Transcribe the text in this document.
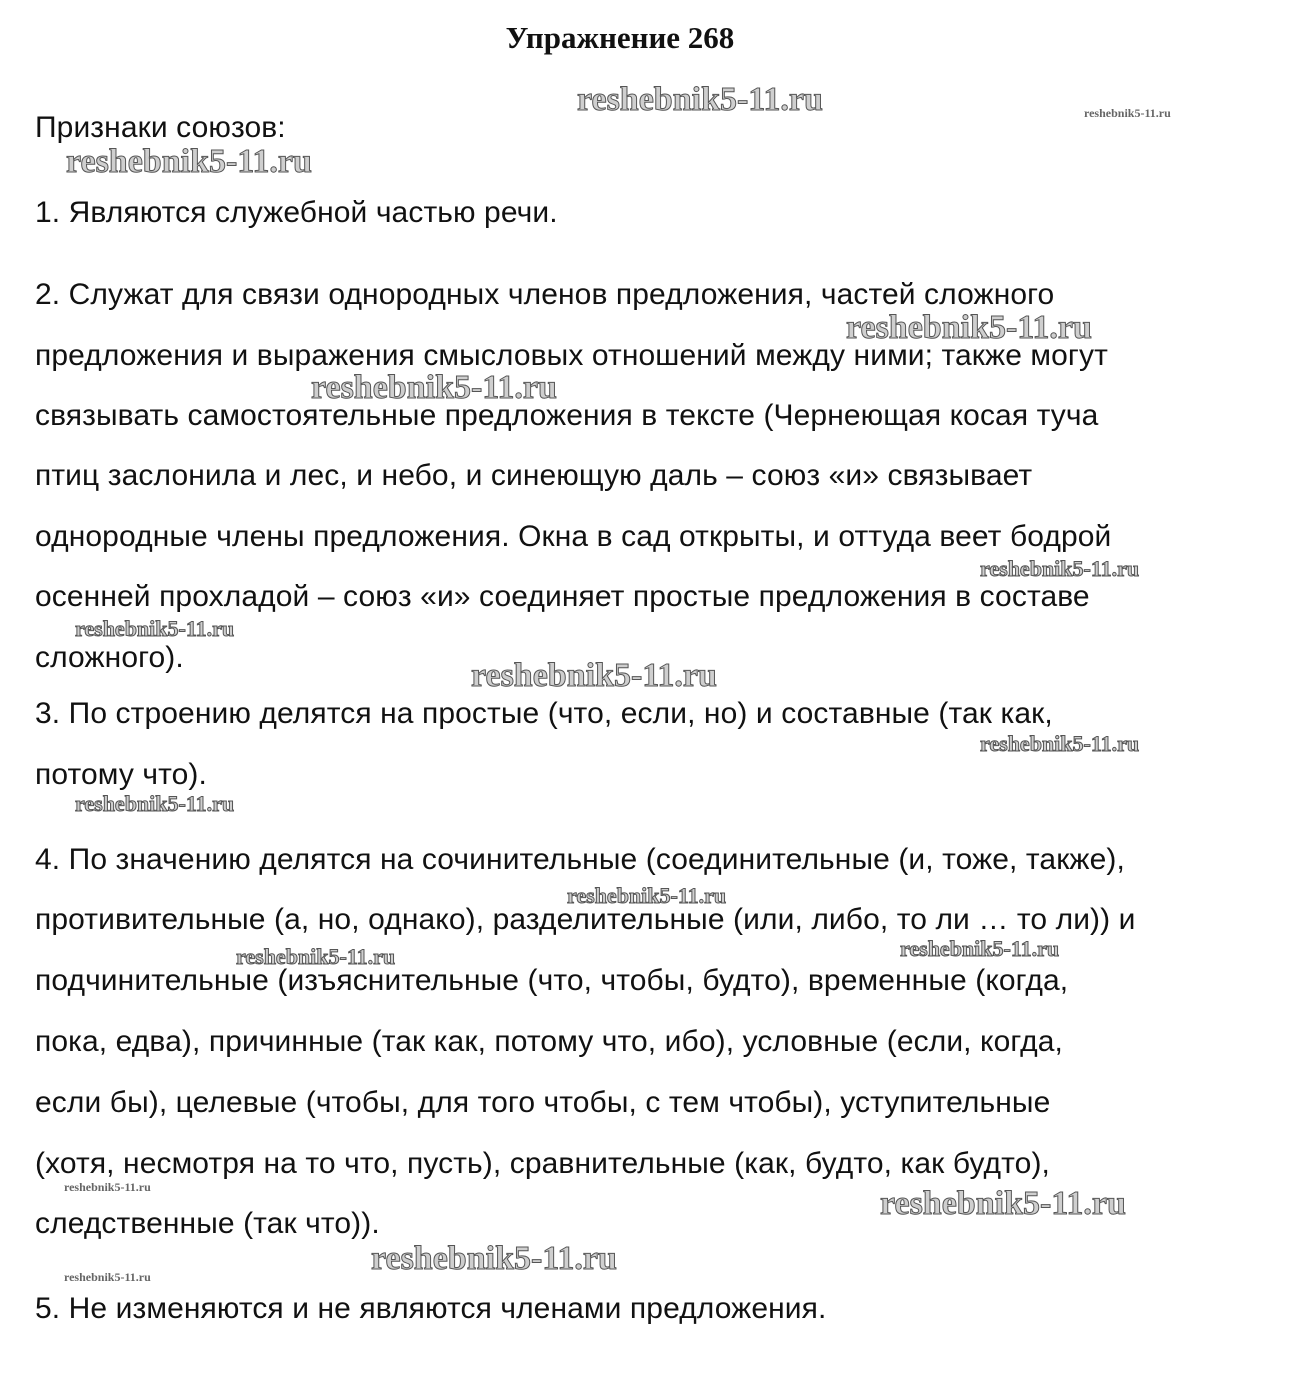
Упражнение 268
Признаки союзов:
1. Являются служебной частью речи.
2. Служат для связи однородных членов предложения, частей сложного
предложения и выражения смысловых отношений между ними; также могут
связывать самостоятельные предложения в тексте (Чернеющая косая туча
птиц заслонила и лес, и небо, и синеющую даль – союз «и» связывает
однородные члены предложения. Окна в сад открыты, и оттуда веет бодрой
осенней прохладой – союз «и» соединяет простые предложения в составе
сложного).
3. По строению делятся на простые (что, если, но) и составные (так как,
потому что).
4. По значению делятся на сочинительные (соединительные (и, тоже, также),
противительные (а, но, однако), разделительные (или, либо, то ли … то ли)) и
подчинительные (изъяснительные (что, чтобы, будто), временные (когда,
пока, едва), причинные (так как, потому что, ибо), условные (если, когда,
если бы), целевые (чтобы, для того чтобы, с тем чтобы), уступительные
(хотя, несмотря на то что, пусть), сравнительные (как, будто, как будто),
следственные (так что)).
5. Не изменяются и не являются членами предложения.
reshebnik5-11.ru	reshebnik5-11.ru
reshebnik5-11.ru
reshebnik5-11.ru
reshebnik5-11.ru
reshebnik5-11.ru
reshebnik5-11.ru
reshebnik5-11.ru
reshebnik5-11.ru
reshebnik5-11.ru
reshebnik5-11.ru
reshebnik5-11.ru
reshebnik5-11.ru
reshebnik5-11.ru	reshebnik5-11.ru
reshebnik5-11.ru
reshebnik5-11.ru
